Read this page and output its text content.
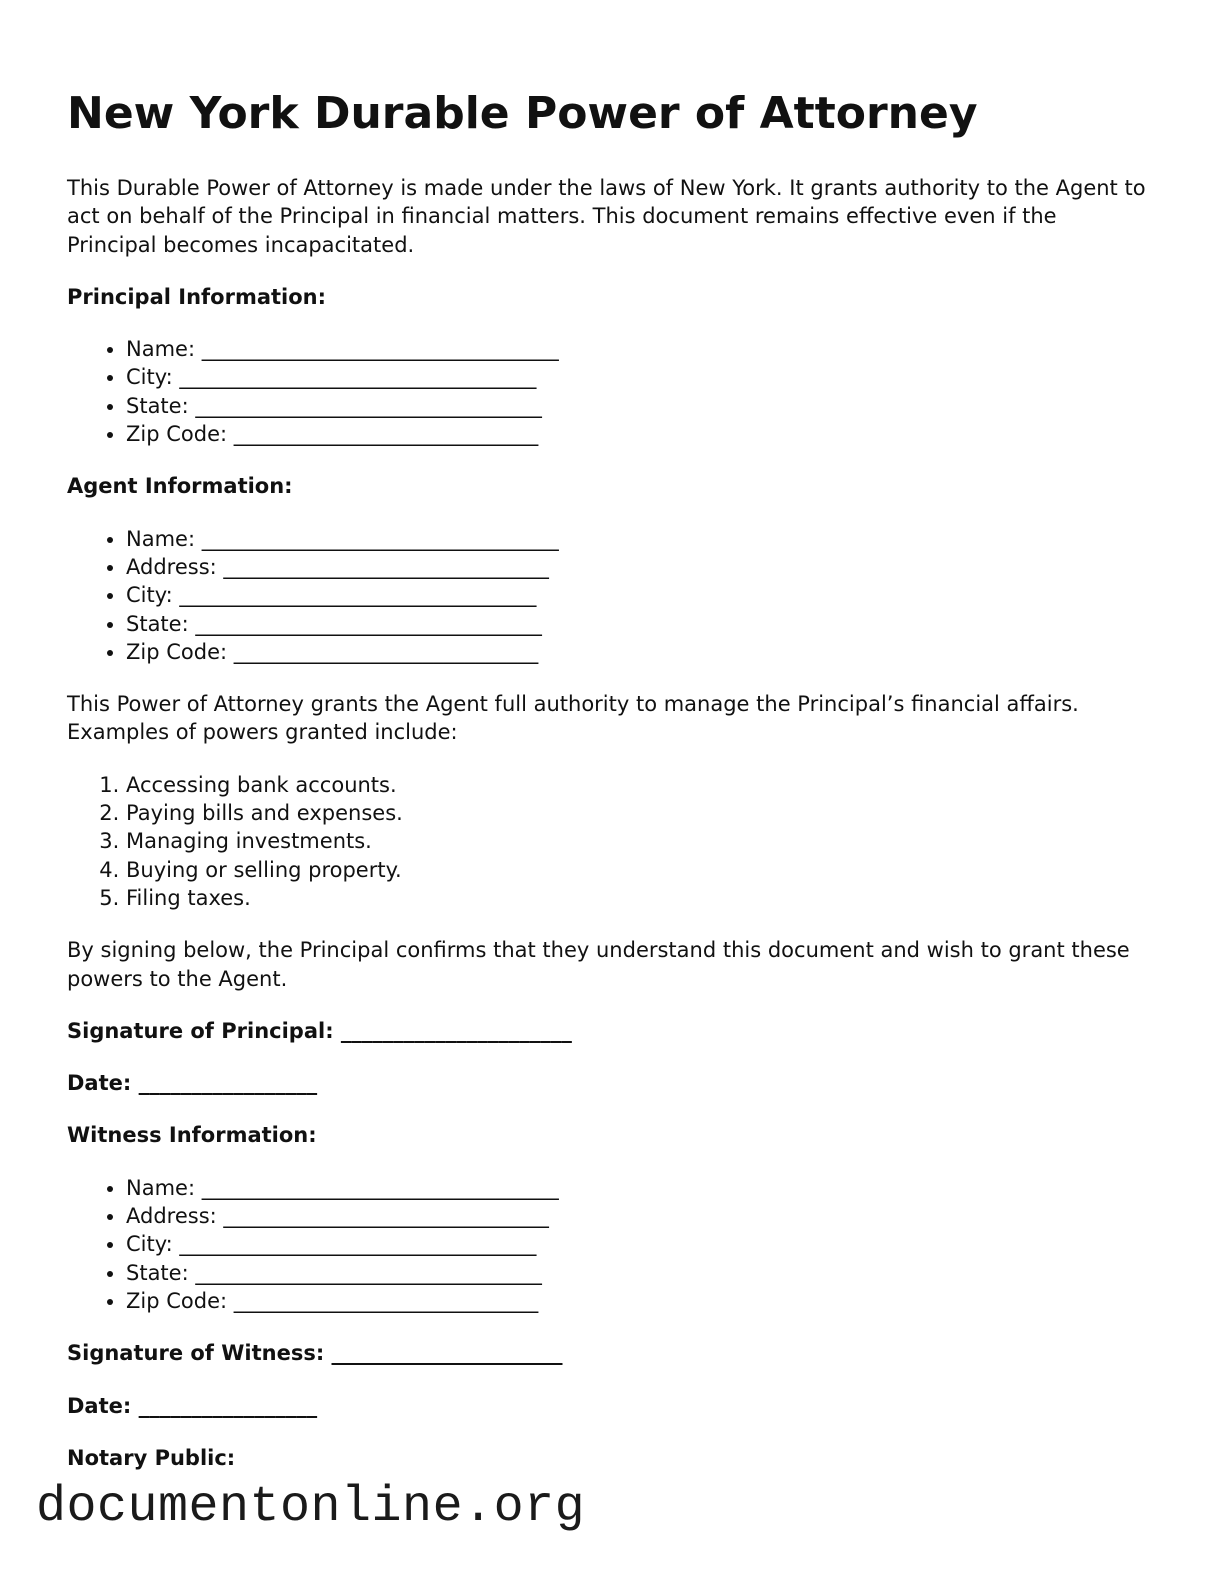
New York Durable Power of Attorney

This Durable Power of Attorney is made under the laws of New York. It grants authority to the Agent to act on behalf of the Principal in financial matters. This document remains effective even if the Principal becomes incapacitated.

Principal Information:
• Name: __________________________________
• City: __________________________________
• State: _________________________________
• Zip Code: _____________________________
Agent Information:
• Name: __________________________________
• Address: _______________________________
• City: __________________________________
• State: _________________________________
• Zip Code: _____________________________

This Power of Attorney grants the Agent full authority to manage the Principal’s financial affairs. Examples of powers granted include:

1. Accessing bank accounts.
2. Paying bills and expenses.
3. Managing investments.
4. Buying or selling property.
5. Filing taxes.

By signing below, the Principal confirms that they understand this document and wish to grant these powers to the Agent.

Signature of Principal: ______________________
Date: _________________
Witness Information:
• Name: __________________________________
• Address: _______________________________
• City: __________________________________
• State: _________________________________
• Zip Code: _____________________________
Signature of Witness: ______________________
Date: _________________
Notary Public:
documentonline.org
